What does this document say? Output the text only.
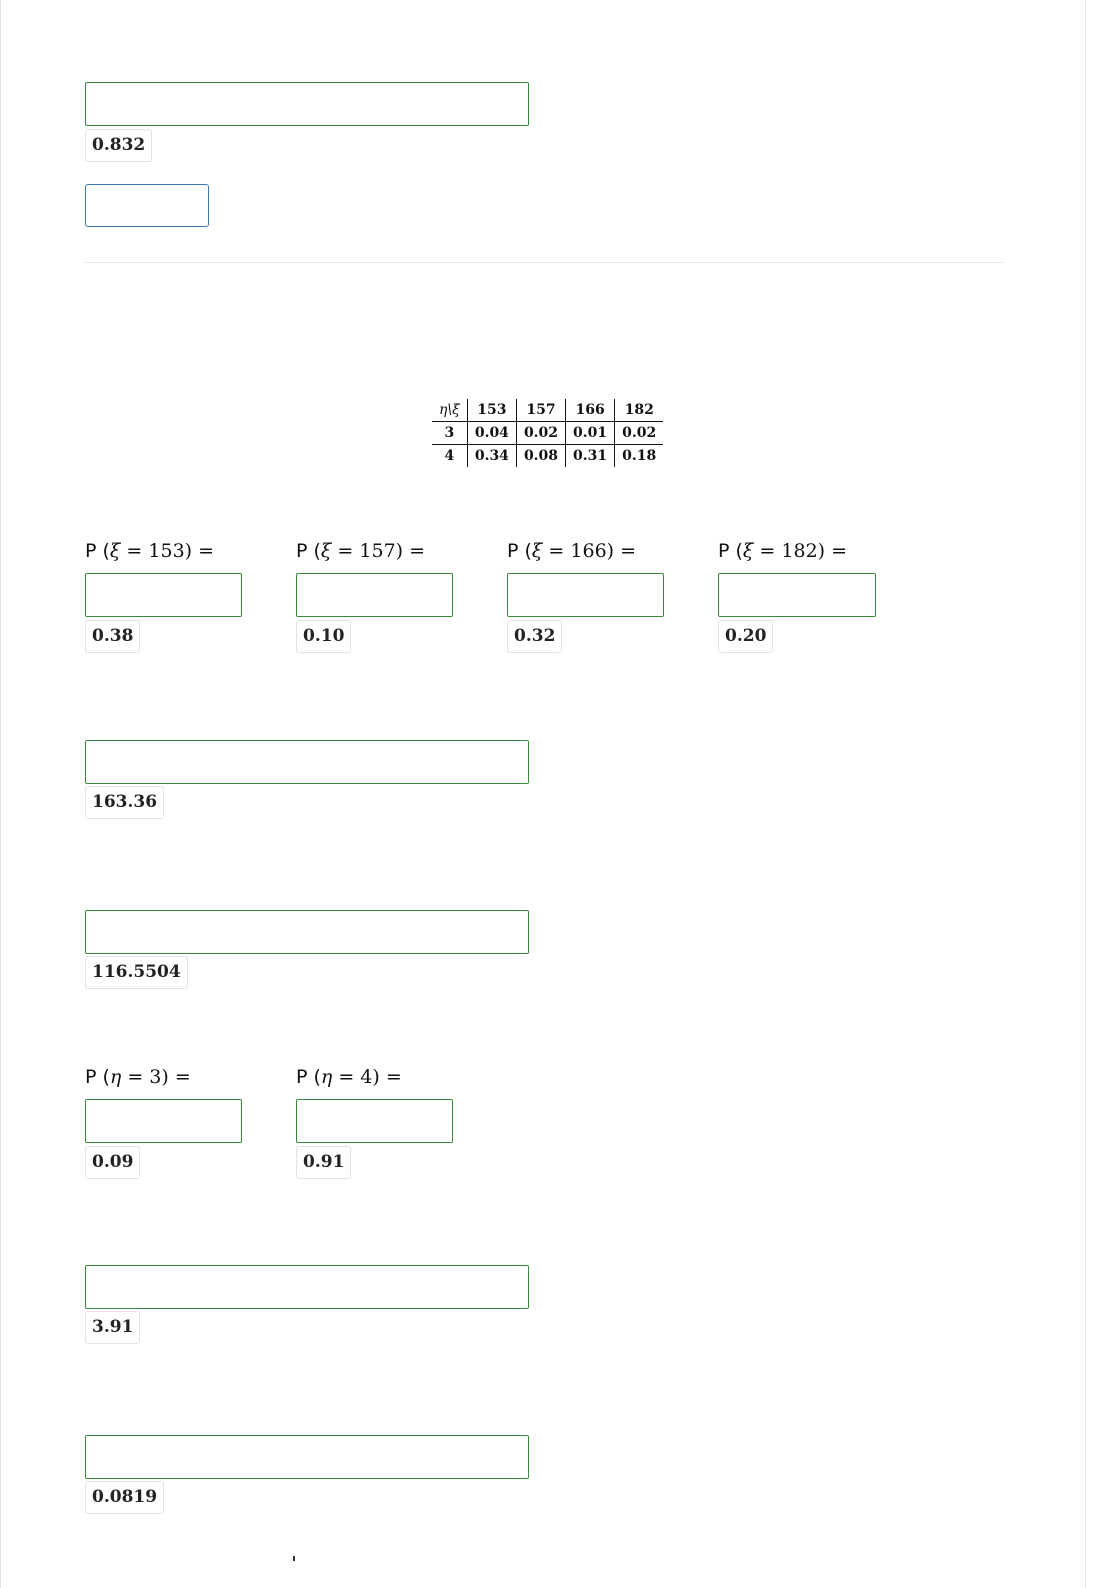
0.832
η\ξ	153	157	166	182
3	0.04	0.02	0.01	0.02
4	0.34	0.08	0.31	0.18
P (ξ = 153) =	P (ξ = 157) =	P (ξ = 166) =	P (ξ = 182) =
0.38	0.10	0.32	0.20
163.36
116.5504
P (η = 3) =	P (η = 4) =
0.09	0.91
3.91
0.0819
